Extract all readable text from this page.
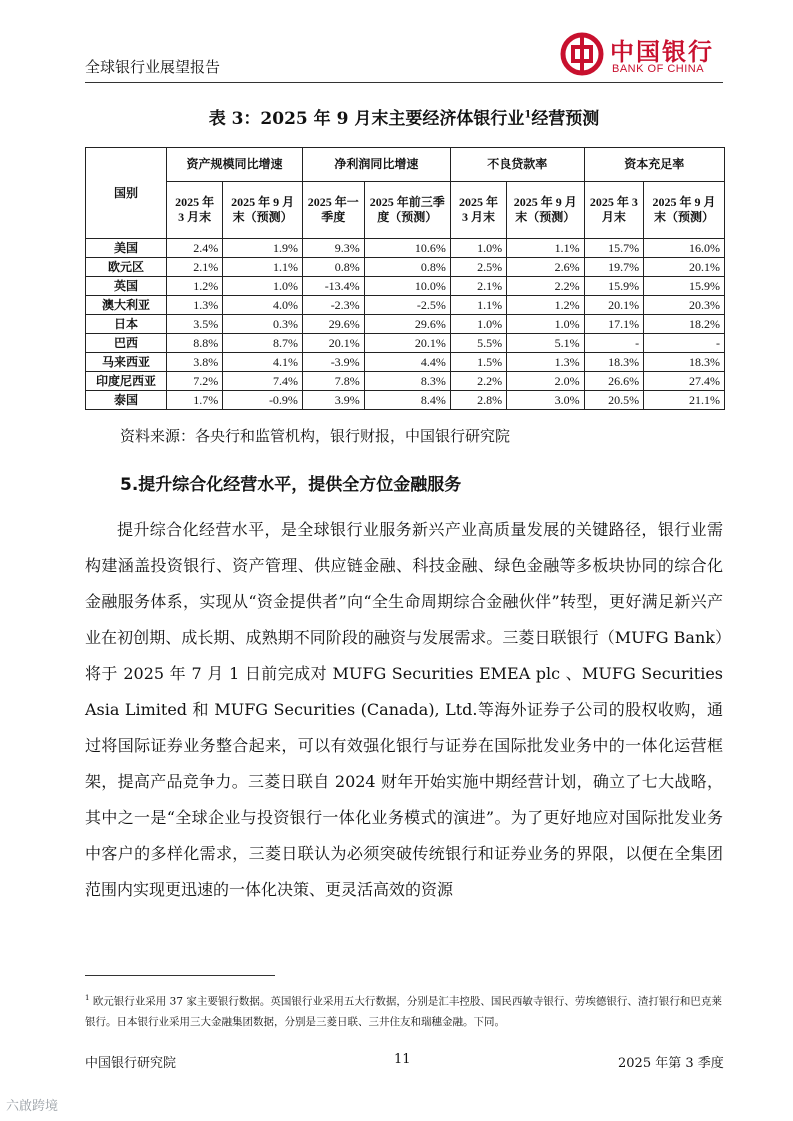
全球银行业展望报告
中国银行
BANK OF CHINA
表 3：2025 年 9 月末主要经济体银行业$^1$经营预测
国别	资产规模同比增速		净利润同比增速		不良贷款率		资本充足率	
	2025 年 3 月末	2025 年 9 月末（预测）	2025 年一季度	2025 年前三季度（预测）	2025 年 3 月末	2025 年 9 月末（预测）	2025 年 3 月末	2025 年 9 月末（预测）
美国	2.4%	1.9%	9.3%	10.6%	1.0%	1.1%	15.7%	16.0%
欧元区	2.1%	1.1%	0.8%	0.8%	2.5%	2.6%	19.7%	20.1%
英国	1.2%	1.0%	-13.4%	10.0%	2.1%	2.2%	15.9%	15.9%
澳大利亚	1.3%	4.0%	-2.3%	-2.5%	1.1%	1.2%	20.1%	20.3%
日本	3.5%	0.3%	29.6%	29.6%	1.0%	1.0%	17.1%	18.2%
巴西	8.8%	8.7%	20.1%	20.1%	5.5%	5.1%	-	-
马来西亚	3.8%	4.1%	-3.9%	4.4%	1.5%	1.3%	18.3%	18.3%
印度尼西亚	7.2%	7.4%	7.8%	8.3%	2.2%	2.0%	26.6%	27.4%
泰国	1.7%	-0.9%	3.9%	8.4%	2.8%	3.0%	20.5%	21.1%
资料来源：各央行和监管机构，银行财报，中国银行研究院
5.提升综合化经营水平，提供全方位金融服务

提升综合化经营水平，是全球银行业服务新兴产业高质量发展的关键路径，银行业需构建涵盖投资银行、资产管理、供应链金融、科技金融、绿色金融等多板块协同的综合化金融服务体系，实现从“资金提供者”向“全生命周期综合金融伙伴”转型，更好满足新兴产业在初创期、成长期、成熟期不同阶段的融资与发展需求。三菱日联银行（MUFG Bank）将于 2025 年 7 月 1 日前完成对 MUFG Securities EMEA plc 、MUFG Securities Asia Limited 和 MUFG Securities (Canada), Ltd.等海外证券子公司的股权收购，通过将国际证券业务整合起来，可以有效强化银行与证券在国际批发业务中的一体化运营框架，提高产品竞争力。三菱日联自 2024 财年开始实施中期经营计划，确立了七大战略，其中之一是“全球企业与投资银行一体化业务模式的演进”。为了更好地应对国际批发业务中客户的多样化需求，三菱日联认为必须突破传统银行和证券业务的界限，以便在全集团范围内实现更迅速的一体化决策、更灵活高效的资源

$^1$ 欧元银行业采用 37 家主要银行数据。英国银行业采用五大行数据，分别是汇丰控股、国民西敏寺银行、劳埃德银行、渣打银行和巴克莱银行。日本银行业采用三大金融集团数据，分别是三菱日联、三井住友和瑞穗金融。下同。

中国银行研究院	11	2025 年第 3 季度
六啟跨境
